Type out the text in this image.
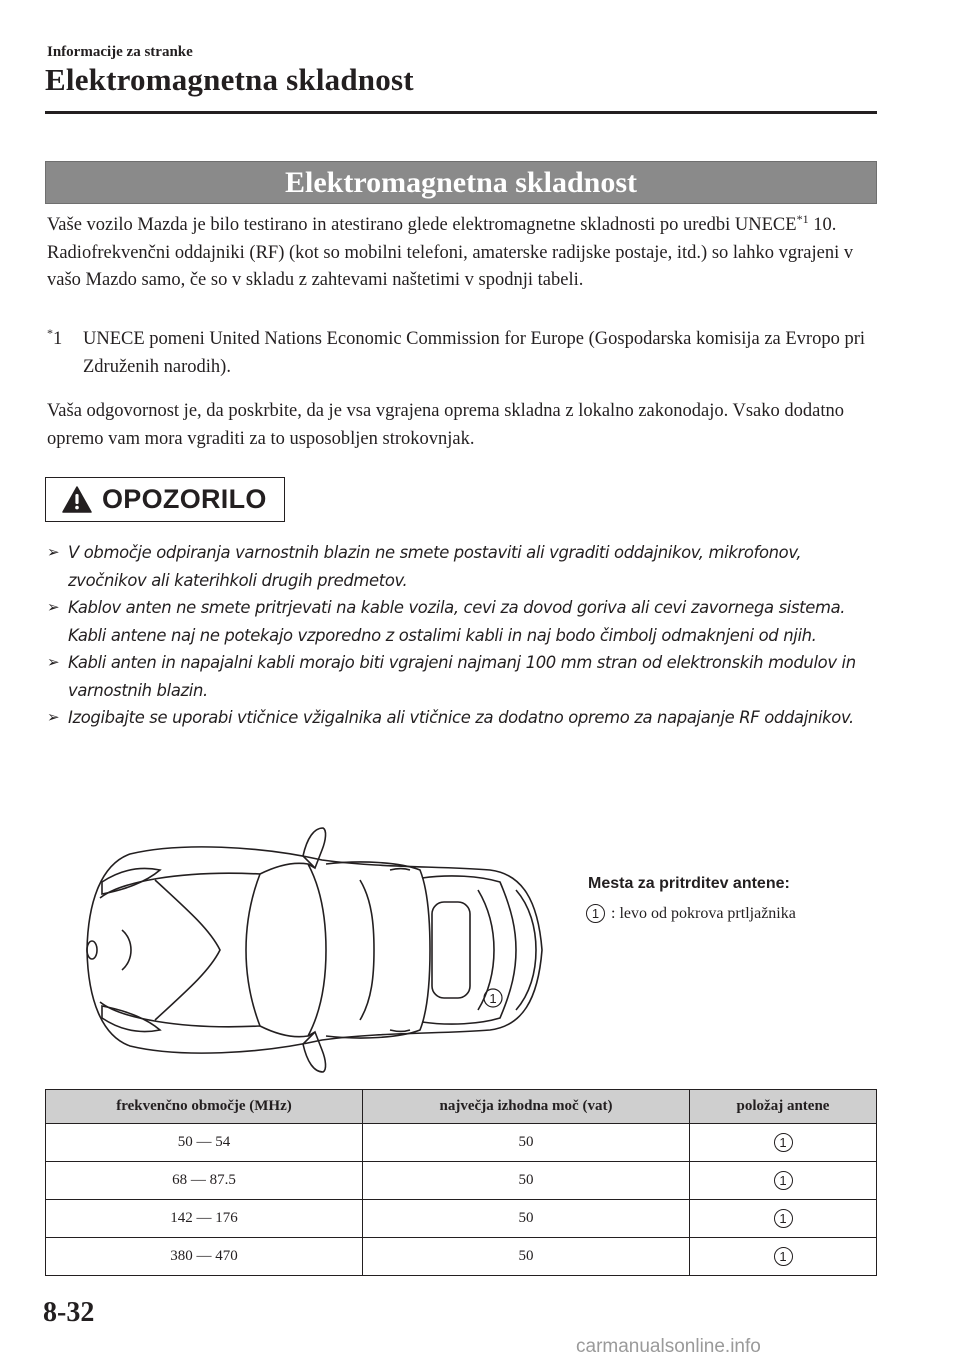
Informacije za stranke
Elektromagnetna skladnost
Elektromagnetna skladnost
Vaše vozilo Mazda je bilo testirano in atestirano glede elektromagnetne skladnosti po uredbi UNECE$^{*1}$ 10. Radiofrekvenčni oddajniki (RF) (kot so mobilni telefoni, amaterske radijske postaje, itd.) so lahko vgrajeni v vašo Mazdo samo, če so v skladu z zahtevami naštetimi v spodnji tabeli.
*1 UNECE pomeni United Nations Economic Commission for Europe (Gospodarska komisija za Evropo pri Združenih narodih).
Vaša odgovornost je, da poskrbite, da je vsa vgrajena oprema skladna z lokalno zakonodajo. Vsako dodatno opremo vam mora vgraditi za to usposobljen strokovnjak.
OPOZORILO
➢ V območje odpiranja varnostnih blazin ne smete postaviti ali vgraditi oddajnikov, mikrofonov, zvočnikov ali katerihkoli drugih predmetov.
➢ Kablov anten ne smete pritrjevati na kable vozila, cevi za dovod goriva ali cevi zavornega sistema. Kabli antene naj ne potekajo vzporedno z ostalimi kabli in naj bodo čimbolj odmaknjeni od njih.
➢ Kabli anten in napajalni kabli morajo biti vgrajeni najmanj 100 mm stran od elektronskih modulov in varnostnih blazin.
➢ Izogibajte se uporabi vtičnice vžigalnika ali vtičnice za dodatno opremo za napajanje RF oddajnikov.
1
Mesta za pritrditev antene:
1 : levo od pokrova prtljažnika
frekvenčno območje (MHz)	največja izhodna moč (vat)	položaj antene
50 — 54	50	1
68 — 87.5	50	1
142 — 176	50	1
380 — 470	50	1
8-32
carmanualsonline.info
